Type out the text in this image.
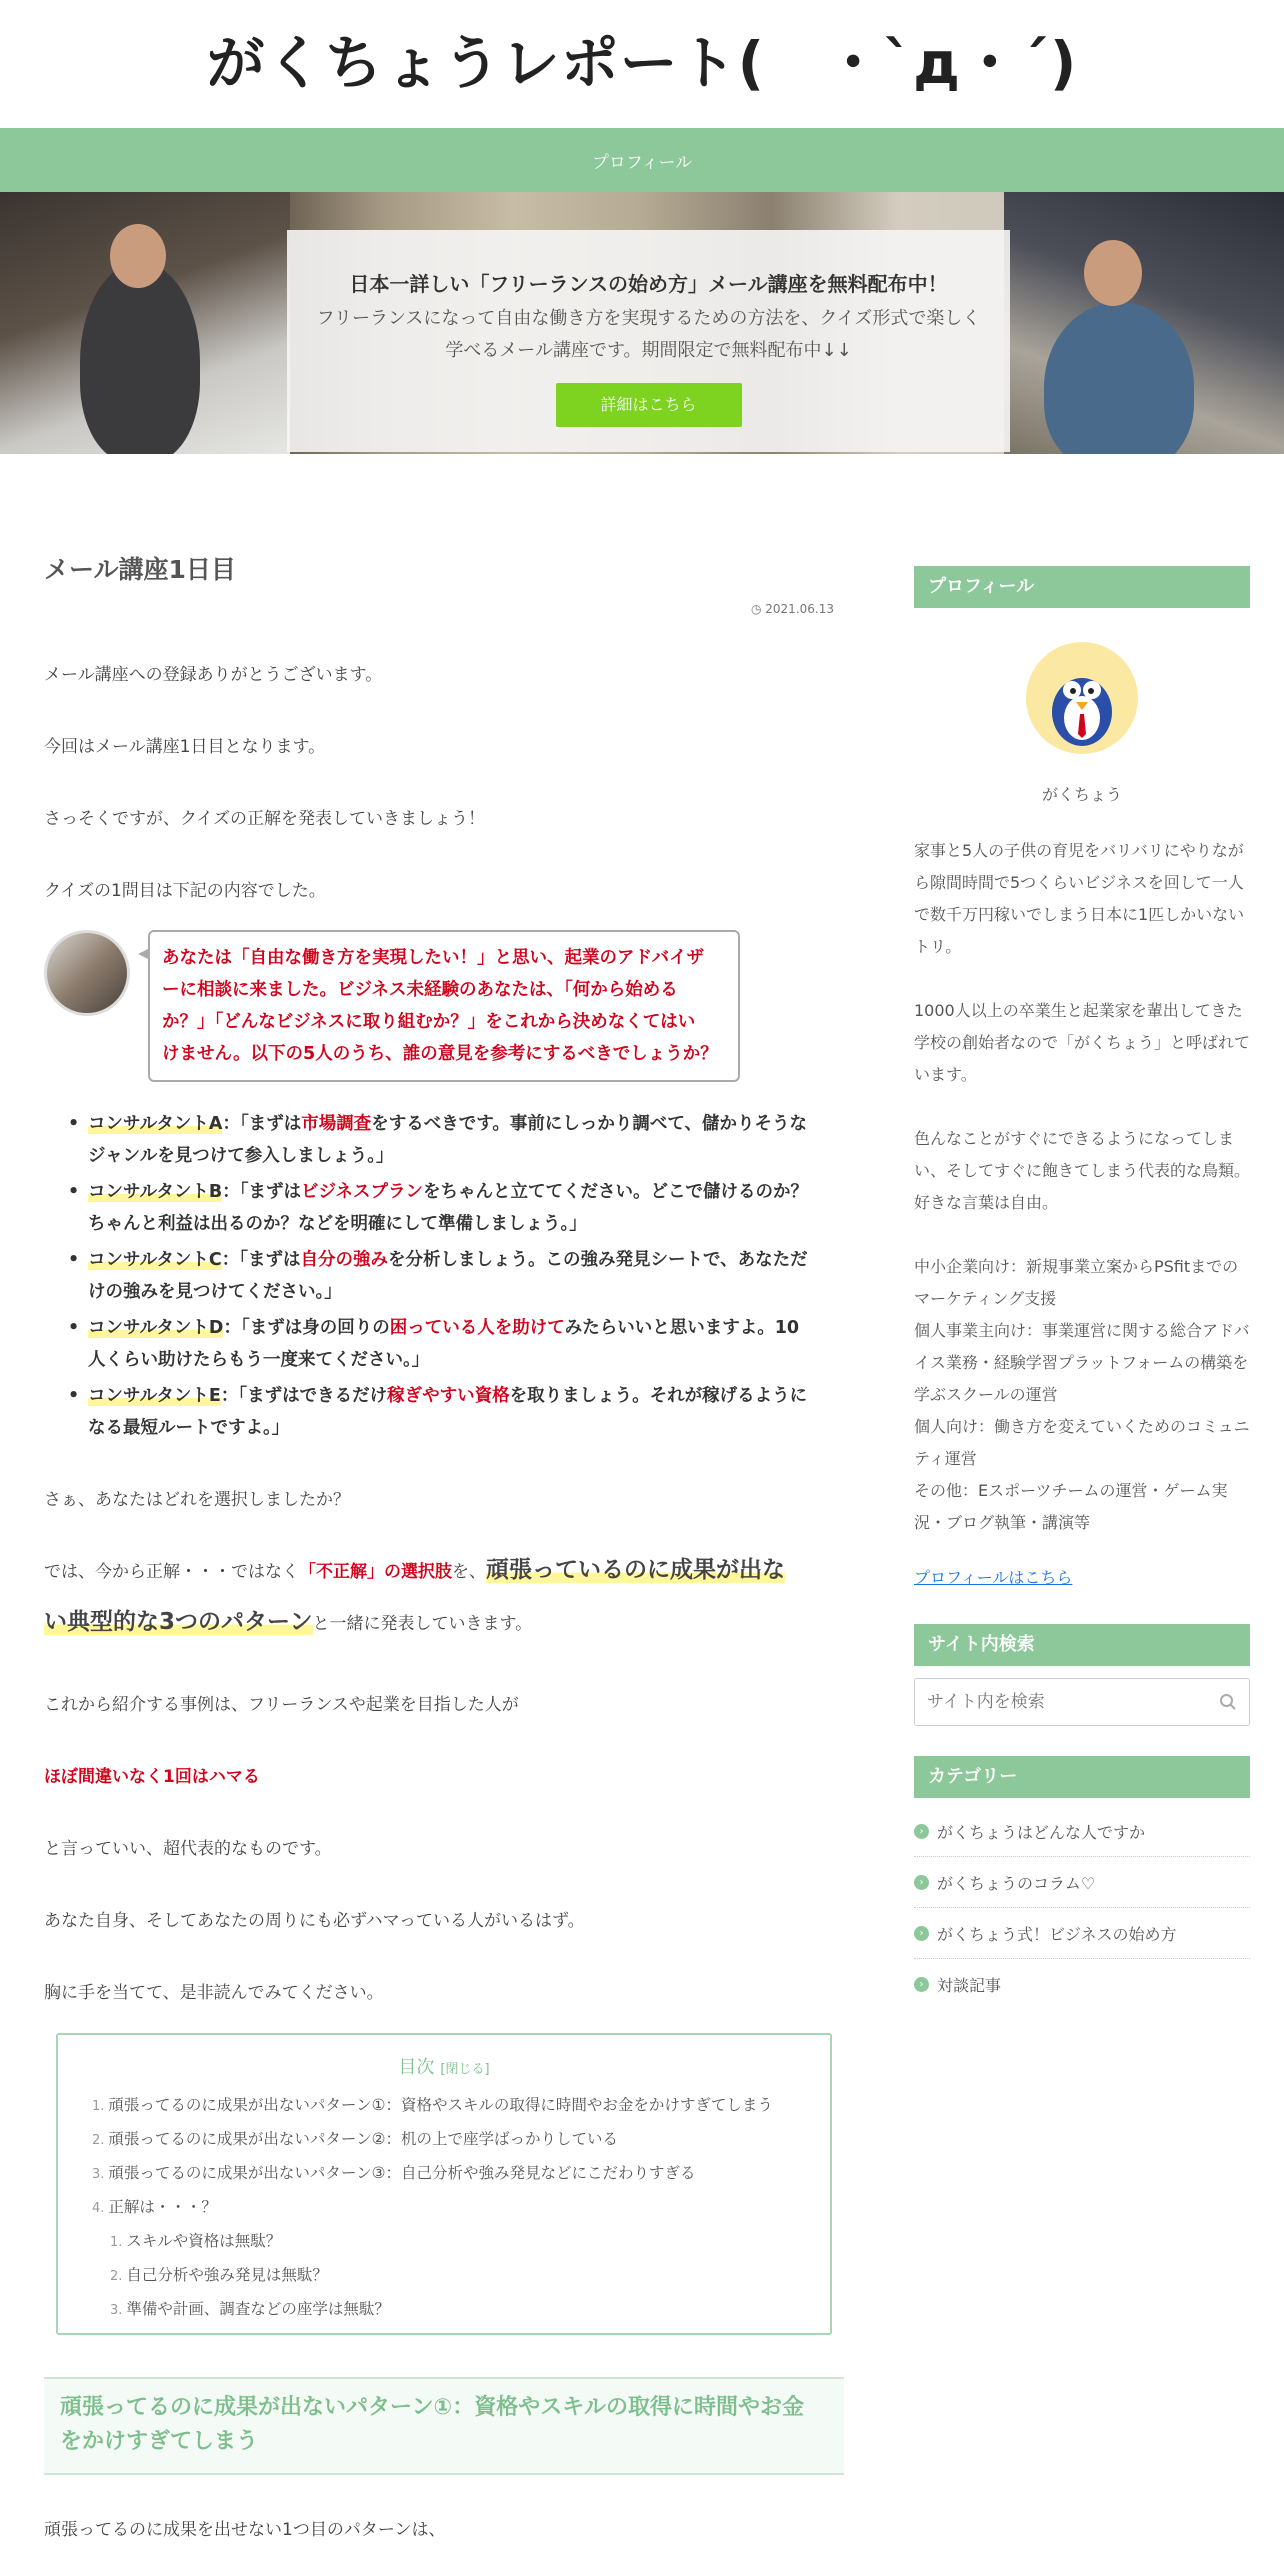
がくちょうレポート(　・`д・´)
プロフィール
日本一詳しい「フリーランスの始め方」メール講座を無料配布中！
フリーランスになって自由な働き方を実現するための方法を、クイズ形式で楽しく
学べるメール講座です。期間限定で無料配布中↓↓
詳細はこちら
メール講座1日目
◷ 2021.06.13

メール講座への登録ありがとうございます。

今回はメール講座1日目となります。

さっそくですが、クイズの正解を発表していきましょう！

クイズの1問目は下記の内容でした。

あなたは「自由な働き方を実現したい！」と思い、起業のアドバイザ
ーに相談に来ました。ビジネス未経験のあなたは、「何から始める
か？」「どんなビジネスに取り組むか？」をこれから決めなくてはい
けません。以下の5人のうち、誰の意見を参考にするべきでしょうか？
• コンサルタントA：「まずは市場調査をするべきです。事前にしっかり調べて、儲かりそうな
ジャンルを見つけて参入しましょう。」
• コンサルタントB：「まずはビジネスプランをちゃんと立ててください。どこで儲けるのか？
ちゃんと利益は出るのか？などを明確にして準備しましょう。」
• コンサルタントC：「まずは自分の強みを分析しましょう。この強み発見シートで、あなただ
けの強みを見つけてください。」
• コンサルタントD：「まずは身の回りの困っている人を助けてみたらいいと思いますよ。10
人くらい助けたらもう一度来てください。」
• コンサルタントE：「まずはできるだけ稼ぎやすい資格を取りましょう。それが稼げるように
なる最短ルートですよ。」

さぁ、あなたはどれを選択しましたか？

では、今から正解・・・ではなく「不正解」の選択肢を、頑張っているのに成果が出な
い典型的な3つのパターンと一緒に発表していきます。

これから紹介する事例は、フリーランスや起業を目指した人が

ほぼ間違いなく1回はハマる

と言っていい、超代表的なものです。

あなた自身、そしてあなたの周りにも必ずハマっている人がいるはず。

胸に手を当てて、是非読んでみてください。

目次 [閉じる]
1. 頑張ってるのに成果が出ないパターン①：資格やスキルの取得に時間やお金をかけすぎてしまう
2. 頑張ってるのに成果が出ないパターン②：机の上で座学ばっかりしている
3. 頑張ってるのに成果が出ないパターン③：自己分析や強み発見などにこだわりすぎる
4. 正解は・・・？
1. スキルや資格は無駄？
2. 自己分析や強み発見は無駄？
3. 準備や計画、調査などの座学は無駄？
頑張ってるのに成果が出ないパターン①：資格やスキルの取得に時間やお金
をかけすぎてしまう

頑張ってるのに成果を出せない1つ目のパターンは、

プロフィール
がくちょう

家事と5人の子供の育児をバリバリにやりなが
ら隙間時間で5つくらいビジネスを回して一人
で数千万円稼いでしまう日本に1匹しかいない
トリ。

1000人以上の卒業生と起業家を輩出してきた
学校の創始者なので「がくちょう」と呼ばれて
います。

色んなことがすぐにできるようになってしま
い、そしてすぐに飽きてしまう代表的な鳥類。
好きな言葉は自由。

中小企業向け：新規事業立案からPSfitまでの
マーケティング支援
個人事業主向け：事業運営に関する総合アドバ
イス業務・経験学習プラットフォームの構築を
学ぶスクールの運営
個人向け：働き方を変えていくためのコミュニ
ティ運営
その他：Eスポーツチームの運営・ゲーム実
況・ブログ執筆・講演等

プロフィールはこちら
サイト内検索
サイト内を検索
カテゴリー
› がくちょうはどんな人ですか
› がくちょうのコラム♡
› がくちょう式！ビジネスの始め方
› 対談記事
